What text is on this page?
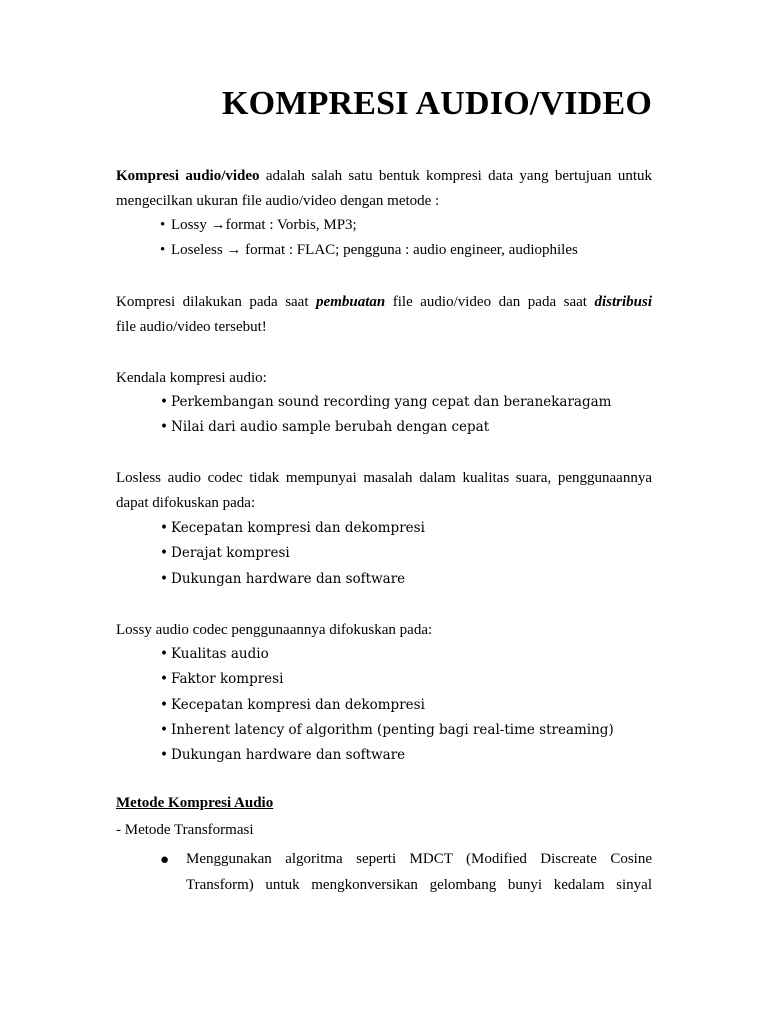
KOMPRESI AUDIO/VIDEO

Kompresi audio/video adalah salah satu bentuk kompresi data yang bertujuan untuk
mengecilkan ukuran file audio/video dengan metode :

• Lossy →format : Vorbis, MP3;
• Loseless → format : FLAC; pengguna : audio engineer, audiophiles

Kompresi dilakukan pada saat pembuatan file audio/video dan pada saat distribusi
file audio/video tersebut!

Kendala kompresi audio:

• Perkembangan sound recording yang cepat dan beranekaragam
• Nilai dari audio sample berubah dengan cepat

Losless audio codec tidak mempunyai masalah dalam kualitas suara, penggunaannya
dapat difokuskan pada:

• Kecepatan kompresi dan dekompresi
• Derajat kompresi
• Dukungan hardware dan software

Lossy audio codec penggunaannya difokuskan pada:

• Kualitas audio
• Faktor kompresi
• Kecepatan kompresi dan dekompresi
• Inherent latency of algorithm (penting bagi real-time streaming)
• Dukungan hardware dan software

Metode Kompresi Audio

- Metode Transformasi

●	Menggunakan algoritma seperti MDCT (Modified Discreate Cosine Transform) untuk mengkonversikan gelombang bunyi kedalam sinyal
